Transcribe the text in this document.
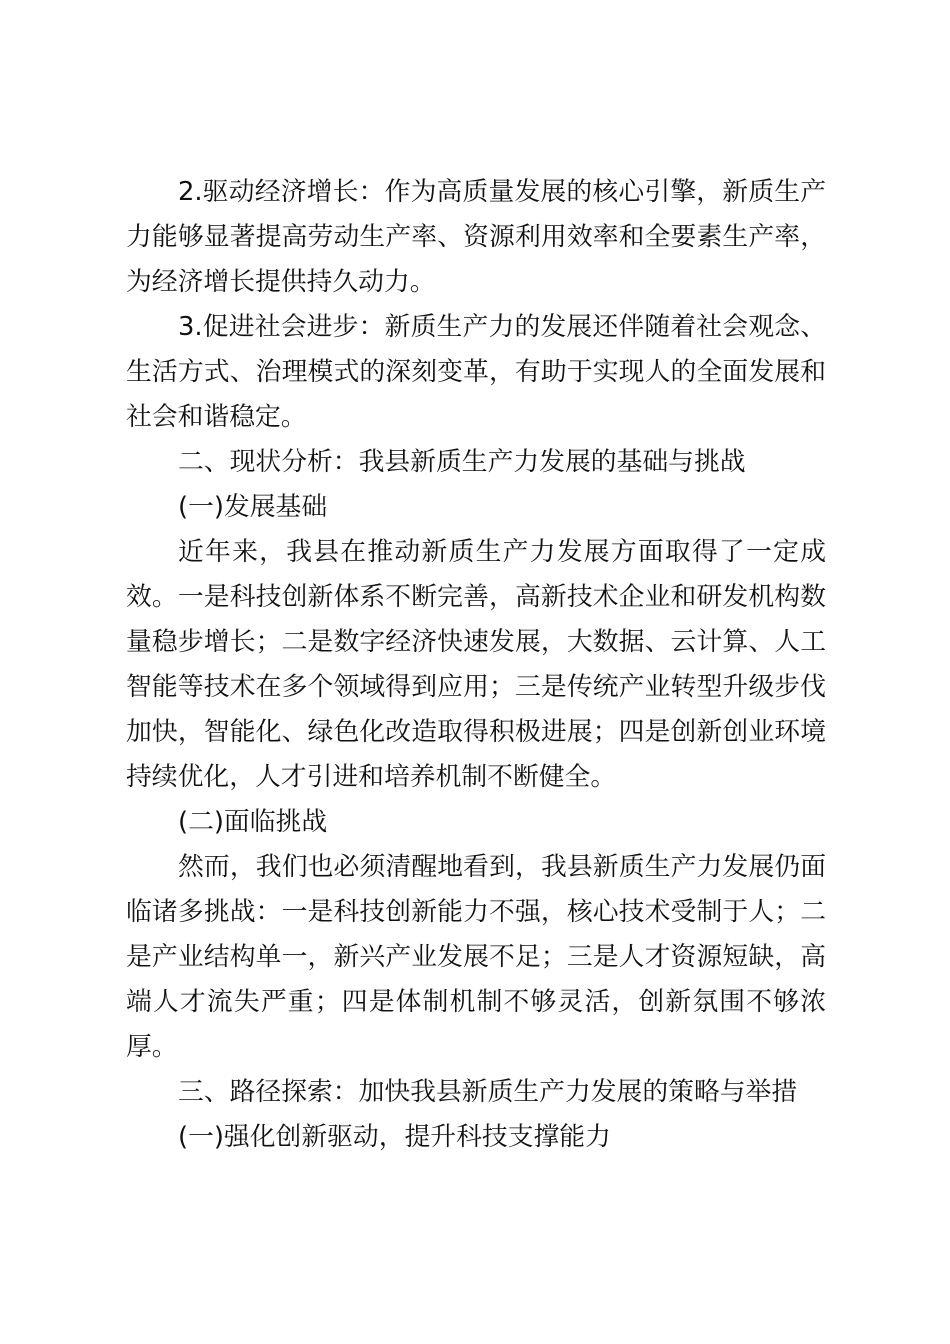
2.驱动经济增长：作为高质量发展的核心引擎，新质生产力能够显著提高劳动生产率、资源利用效率和全要素生产率，为经济增长提供持久动力。

3.促进社会进步：新质生产力的发展还伴随着社会观念、生活方式、治理模式的深刻变革，有助于实现人的全面发展和社会和谐稳定。

二、现状分析：我县新质生产力发展的基础与挑战

(一)发展基础

近年来，我县在推动新质生产力发展方面取得了一定成效。一是科技创新体系不断完善，高新技术企业和研发机构数量稳步增长；二是数字经济快速发展，大数据、云计算、人工智能等技术在多个领域得到应用；三是传统产业转型升级步伐加快，智能化、绿色化改造取得积极进展；四是创新创业环境持续优化，人才引进和培养机制不断健全。

(二)面临挑战

然而，我们也必须清醒地看到，我县新质生产力发展仍面临诸多挑战：一是科技创新能力不强，核心技术受制于人；二是产业结构单一，新兴产业发展不足；三是人才资源短缺，高端人才流失严重；四是体制机制不够灵活，创新氛围不够浓厚。

三、路径探索：加快我县新质生产力发展的策略与举措

(一)强化创新驱动，提升科技支撑能力
